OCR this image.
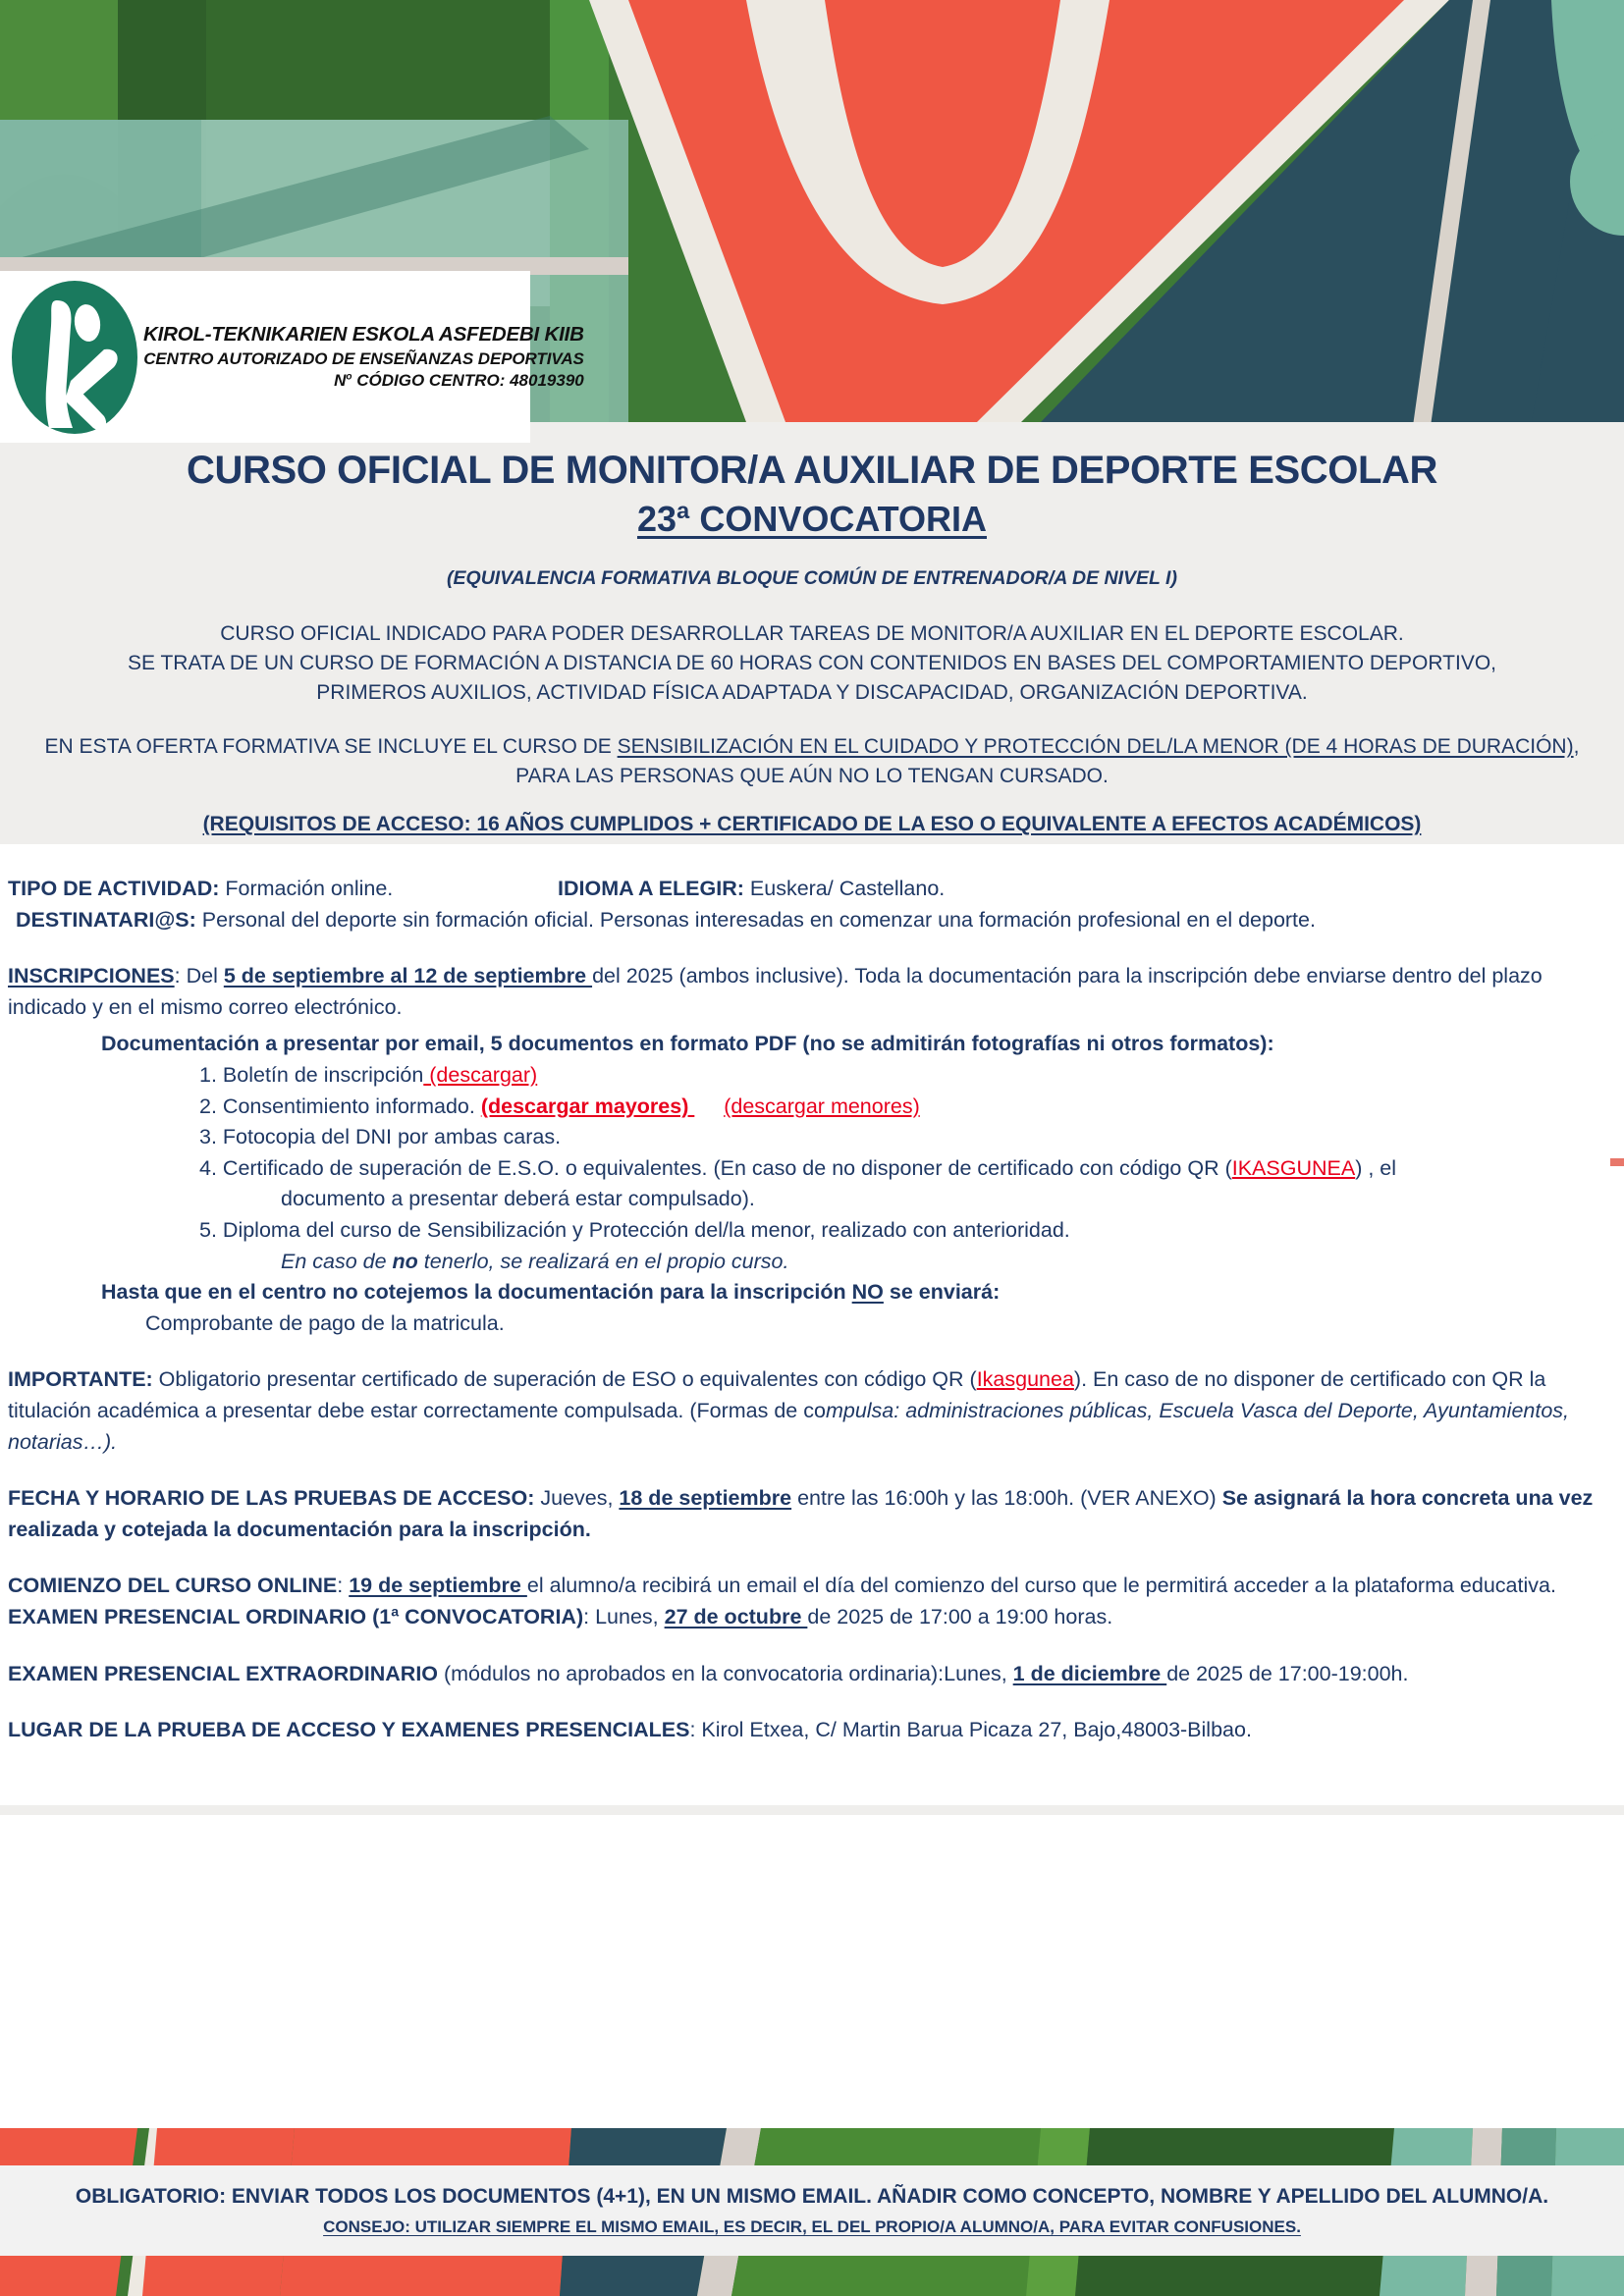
KIROL-TEKNIKARIEN ESKOLA ASFEDEBI KIIB
CENTRO AUTORIZADO DE ENSEÑANZAS DEPORTIVAS
$N^o$ CÓDIGO CENTRO: 48019390
CURSO OFICIAL DE MONITOR/A AUXILIAR DE DEPORTE ESCOLAR
23ª CONVOCATORIA
(EQUIVALENCIA FORMATIVA BLOQUE COMÚN DE ENTRENADOR/A DE NIVEL I)
CURSO OFICIAL INDICADO PARA PODER DESARROLLAR TAREAS DE MONITOR/A AUXILIAR EN EL DEPORTE ESCOLAR.
SE TRATA DE UN CURSO DE FORMACIÓN A DISTANCIA DE 60 HORAS CON CONTENIDOS EN BASES DEL COMPORTAMIENTO DEPORTIVO,
PRIMEROS AUXILIOS, ACTIVIDAD FÍSICA ADAPTADA Y DISCAPACIDAD, ORGANIZACIÓN DEPORTIVA.
EN ESTA OFERTA FORMATIVA SE INCLUYE EL CURSO DE SENSIBILIZACIÓN EN EL CUIDADO Y PROTECCIÓN DEL/LA MENOR (DE 4 HORAS DE DURACIÓN), PARA LAS PERSONAS QUE AÚN NO LO TENGAN CURSADO.
(REQUISITOS DE ACCESO: 16 AÑOS CUMPLIDOS + CERTIFICADO DE LA ESO O EQUIVALENTE A EFECTOS ACADÉMICOS)
TIPO DE ACTIVIDAD: Formación online.	IDIOMA A ELEGIR: Euskera/ Castellano.
DESTINATARI@S: Personal del deporte sin formación oficial. Personas interesadas en comenzar una formación profesional en el deporte.
INSCRIPCIONES: Del 5 de septiembre al 12 de septiembre del 2025 (ambos inclusive). Toda la documentación para la inscripción debe enviarse dentro del plazo indicado y en el mismo correo electrónico.
Documentación a presentar por email, 5 documentos en formato PDF (no se admitirán fotografías ni otros formatos):
1. Boletín de inscripción (descargar)
2. Consentimiento informado. (descargar mayores)      (descargar menores)
3. Fotocopia del DNI por ambas caras.
4. Certificado de superación de E.S.O. o equivalentes. (En caso de no disponer de certificado con código QR (IKASGUNEA) , el
documento a presentar deberá estar compulsado).
5. Diploma del curso de Sensibilización y Protección del/la menor, realizado con anterioridad.
En caso de no tenerlo, se realizará en el propio curso.
Hasta que en el centro no cotejemos la documentación para la inscripción NO se enviará:
Comprobante de pago de la matricula.
IMPORTANTE: Obligatorio presentar certificado de superación de ESO o equivalentes con código QR (Ikasgunea). En caso de no disponer de certificado con QR la titulación académica a presentar debe estar correctamente compulsada. (Formas de compulsa: administraciones públicas, Escuela Vasca del Deporte, Ayuntamientos, notarias…).
FECHA Y HORARIO DE LAS PRUEBAS DE ACCESO: Jueves, 18 de septiembre entre las 16:00h y las 18:00h. (VER ANEXO) Se asignará la hora concreta una vez realizada y cotejada la documentación para la inscripción.
COMIENZO DEL CURSO ONLINE: 19 de septiembre el alumno/a recibirá un email el día del comienzo del curso que le permitirá acceder a la plataforma educativa.
EXAMEN PRESENCIAL ORDINARIO (1ª CONVOCATORIA): Lunes, 27 de octubre de 2025 de 17:00 a 19:00 horas.
EXAMEN PRESENCIAL EXTRAORDINARIO (módulos no aprobados en la convocatoria ordinaria):Lunes, 1 de diciembre de 2025 de 17:00-19:00h.
LUGAR DE LA PRUEBA DE ACCESO Y EXAMENES PRESENCIALES: Kirol Etxea, C/ Martin Barua Picaza 27, Bajo,48003-Bilbao.
OBLIGATORIO: ENVIAR TODOS LOS DOCUMENTOS (4+1), EN UN MISMO EMAIL. AÑADIR COMO CONCEPTO, NOMBRE Y APELLIDO DEL ALUMNO/A.
CONSEJO: UTILIZAR SIEMPRE EL MISMO EMAIL, ES DECIR, EL DEL PROPIO/A ALUMNO/A, PARA EVITAR CONFUSIONES.
